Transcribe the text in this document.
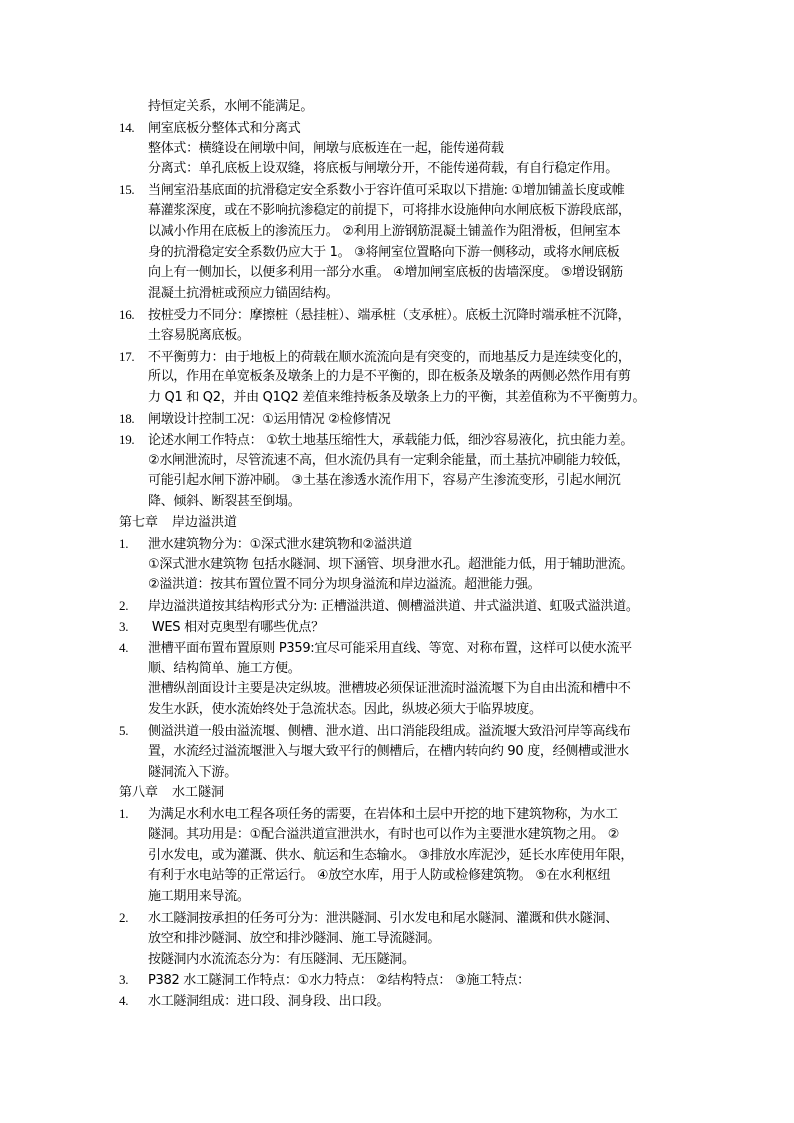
持恒定关系，水闸不能满足。
14. 闸室底板分整体式和分离式
整体式：横缝设在闸墩中间，闸墩与底板连在一起，能传递荷载
分离式：单孔底板上设双缝，将底板与闸墩分开，不能传递荷载，有自行稳定作用。
15. 当闸室沿基底面的抗滑稳定安全系数小于容许值可采取以下措施: ①增加铺盖长度或帷
幕灌浆深度，或在不影响抗渗稳定的前提下，可将排水设施伸向水闸底板下游段底部，
以减小作用在底板上的渗流压力。 ②利用上游钢筋混凝土铺盖作为阻滑板，但闸室本
身的抗滑稳定安全系数仍应大于 1。 ③将闸室位置略向下游一侧移动，或将水闸底板
向上有一侧加长，以便多利用一部分水重。 ④增加闸室底板的齿墙深度。 ⑤增设钢筋
混凝土抗滑桩或预应力锚固结构。
16. 按桩受力不同分：摩擦桩（悬挂桩）、端承桩（支承桩）。底板土沉降时端承桩不沉降，
土容易脱离底板。
17. 不平衡剪力：由于地板上的荷载在顺水流流向是有突变的，而地基反力是连续变化的，
所以，作用在单宽板条及墩条上的力是不平衡的，即在板条及墩条的两侧必然作用有剪
力 Q1 和 Q2，并由 Q1Q2 差值来维持板条及墩条上力的平衡，其差值称为不平衡剪力。
18. 闸墩设计控制工况：①运用情况 ②检修情况
19. 论述水闸工作特点： ①软土地基压缩性大，承载能力低，细沙容易液化，抗虫能力差。
②水闸泄流时，尽管流速不高，但水流仍具有一定剩余能量，而土基抗冲刷能力较低，
可能引起水闸下游冲刷。 ③土基在渗透水流作用下，容易产生渗流变形，引起水闸沉
降、倾斜、断裂甚至倒塌。
第七章 岸边溢洪道
1. 泄水建筑物分为：①深式泄水建筑物和②溢洪道
①深式泄水建筑物 包括水隧洞、坝下涵管、坝身泄水孔。超泄能力低，用于辅助泄流。
②溢洪道：按其布置位置不同分为坝身溢流和岸边溢流。超泄能力强。
2. 岸边溢洪道按其结构形式分为: 正槽溢洪道、侧槽溢洪道、井式溢洪道、虹吸式溢洪道。
3. WES 相对克奥型有哪些优点？
4. 泄槽平面布置布置原则 P359:宜尽可能采用直线、等宽、对称布置，这样可以使水流平
顺、结构简单、施工方便。
泄槽纵剖面设计主要是决定纵坡。泄槽坡必须保证泄流时溢流堰下为自由出流和槽中不
发生水跃，使水流始终处于急流状态。因此，纵坡必须大于临界坡度。
5. 侧溢洪道一般由溢流堰、侧槽、泄水道、出口消能段组成。溢流堰大致沿河岸等高线布
置，水流经过溢流堰泄入与堰大致平行的侧槽后，在槽内转向约 90 度，经侧槽或泄水
隧洞流入下游。
第八章 水工隧洞
1. 为满足水利水电工程各项任务的需要，在岩体和土层中开挖的地下建筑物称，为水工
隧洞。其功用是：①配合溢洪道宣泄洪水，有时也可以作为主要泄水建筑物之用。 ②
引水发电，或为灌溉、供水、航运和生态输水。 ③排放水库泥沙，延长水库使用年限，
有利于水电站等的正常运行。 ④放空水库，用于人防或检修建筑物。 ⑤在水利枢纽
施工期用来导流。
2. 水工隧洞按承担的任务可分为：泄洪隧洞、引水发电和尾水隧洞、灌溉和供水隧洞、
放空和排沙隧洞、放空和排沙隧洞、施工导流隧洞。
按隧洞内水流流态分为：有压隧洞、无压隧洞。
3. P382 水工隧洞工作特点：①水力特点： ②结构特点： ③施工特点：
4. 水工隧洞组成：进口段、洞身段、出口段。
